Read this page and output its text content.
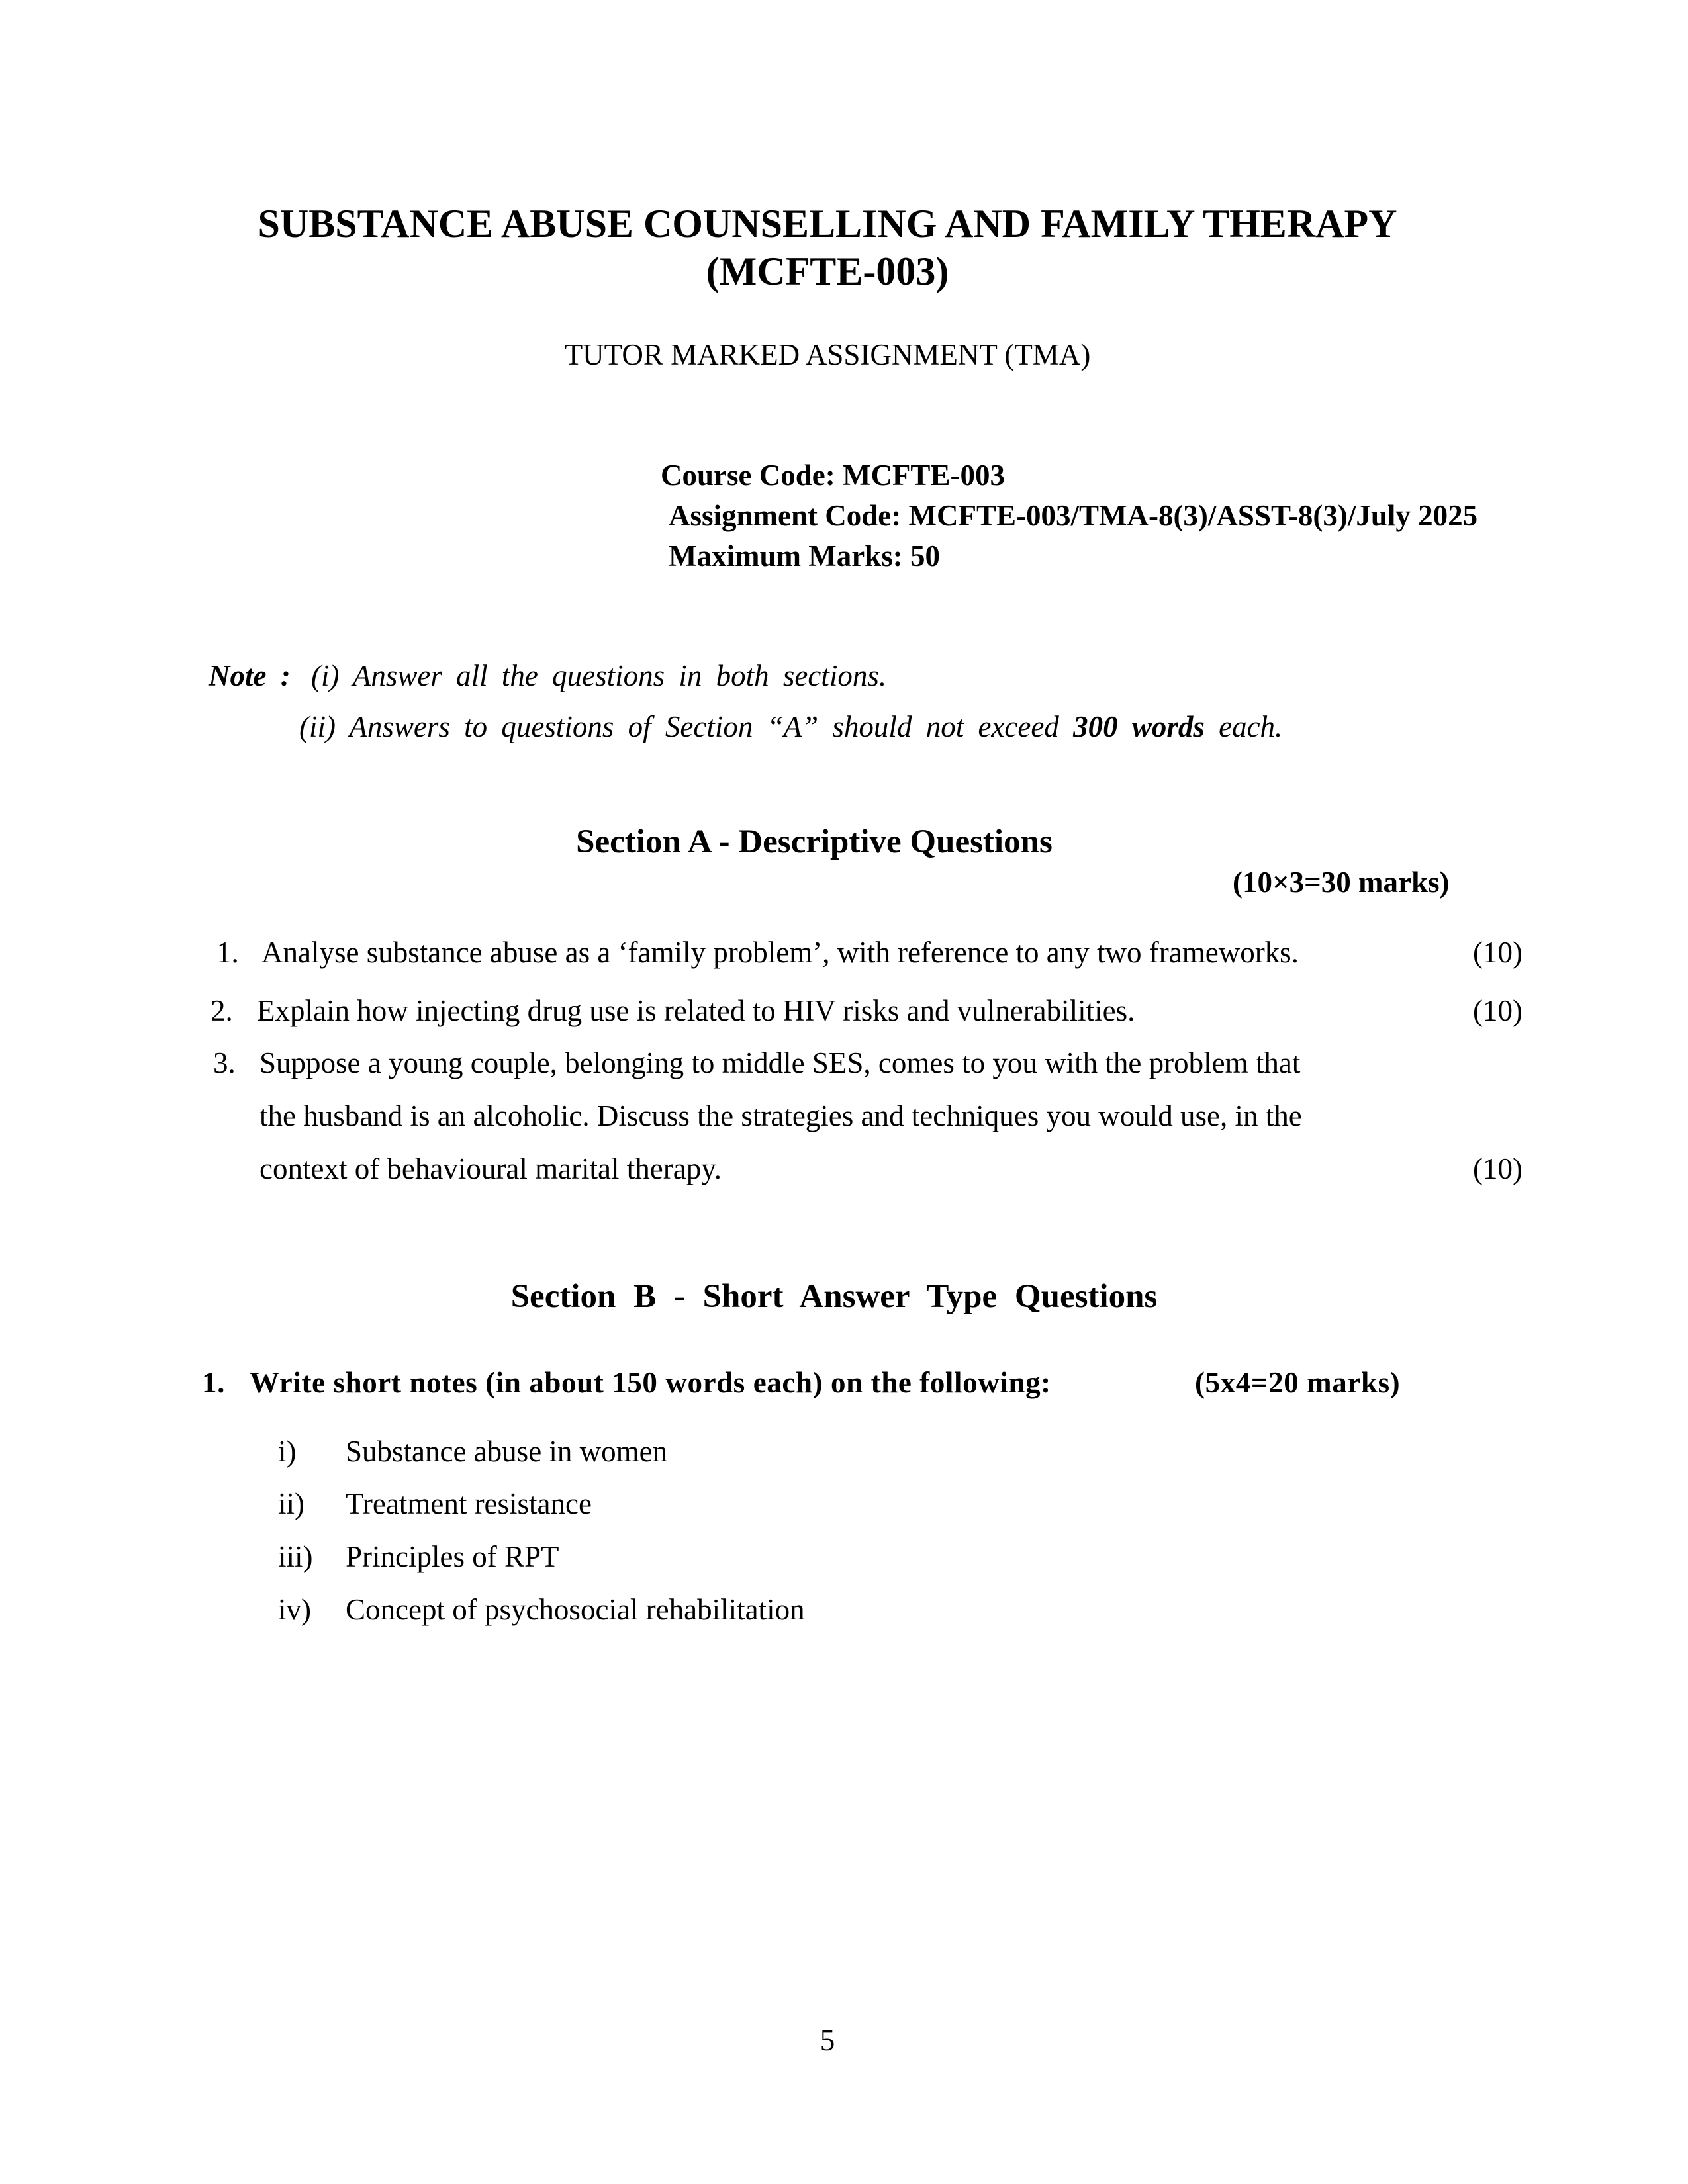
SUBSTANCE ABUSE COUNSELLING AND FAMILY THERAPY

(MCFTE-003)

TUTOR MARKED ASSIGNMENT (TMA)

Course Code: MCFTE-003

Assignment Code: MCFTE-003/TMA-8(3)/ASST-8(3)/July 2025

Maximum Marks: 50

Note : (i) Answer all the questions in both sections.

(ii) Answers to questions of Section “A” should not exceed 300 words each.

Section A - Descriptive Questions

(10×3=30 marks)

1. Analyse substance abuse as a ‘family problem’, with reference to any two frameworks.	(10)

2. Explain how injecting drug use is related to HIV risks and vulnerabilities.	(10)

3. Suppose a young couple, belonging to middle SES, comes to you with the problem that

the husband is an alcoholic. Discuss the strategies and techniques you would use, in the

context of behavioural marital therapy.	(10)

Section B - Short Answer Type Questions

1. Write short notes (in about 150 words each) on the following:	(5x4=20 marks)

i) Substance abuse in women

ii) Treatment resistance

iii) Principles of RPT

iv) Concept of psychosocial rehabilitation

5
